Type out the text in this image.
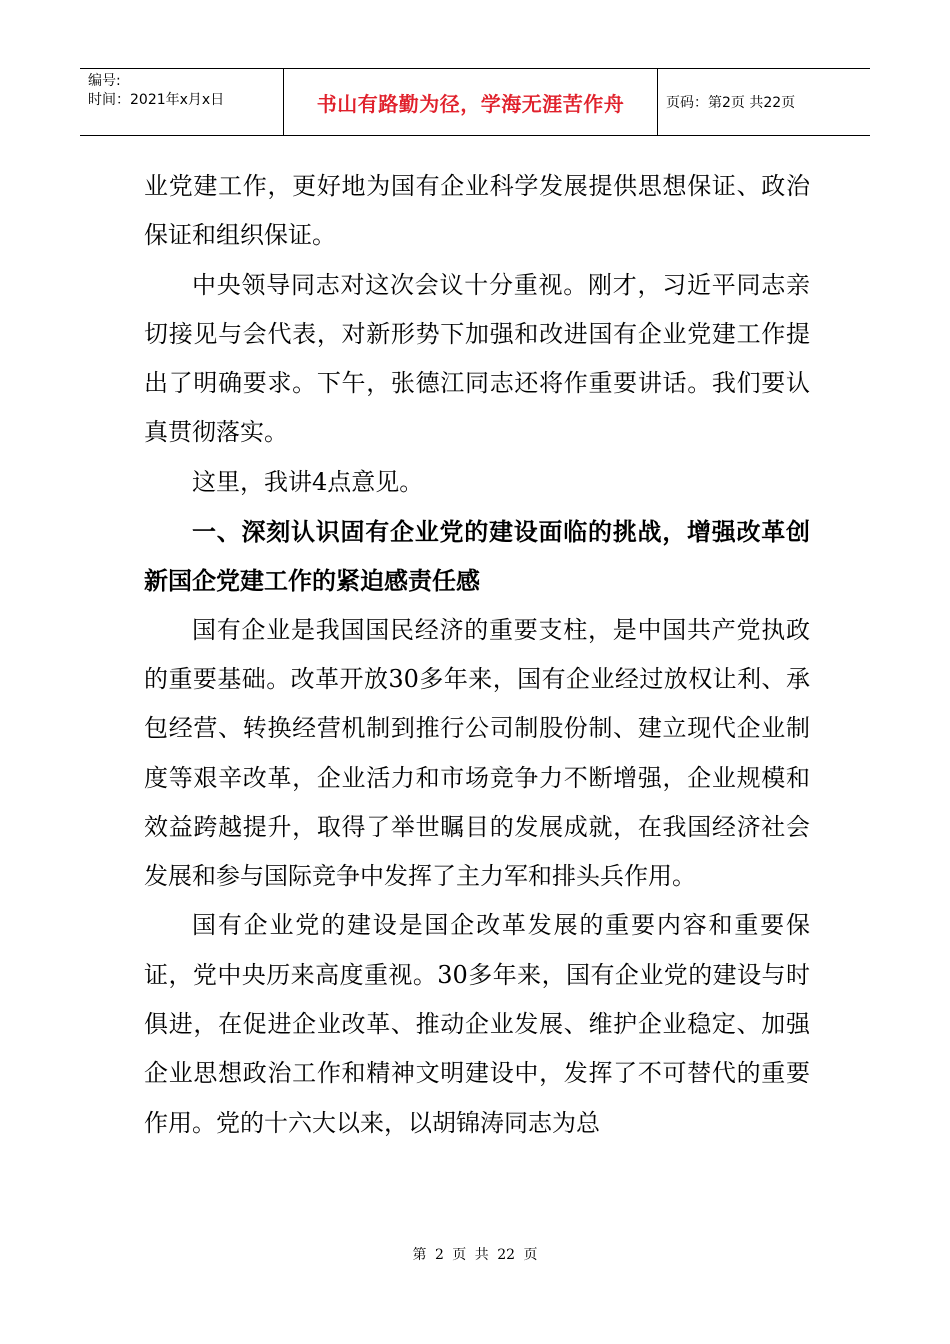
编号:
时间：2021年x月x日	书山有路勤为径，学海无涯苦作舟	页码：第2页 共22页

业党建工作，更好地为国有企业科学发展提供思想保证、政治保证和组织保证。

中央领导同志对这次会议十分重视。刚才，习近平同志亲切接见与会代表，对新形势下加强和改进国有企业党建工作提出了明确要求。下午，张德江同志还将作重要讲话。我们要认真贯彻落实。

这里，我讲4点意见。

一、深刻认识固有企业党的建设面临的挑战，增强改革创新国企党建工作的紧迫感责任感

国有企业是我国国民经济的重要支柱，是中国共产党执政的重要基础。改革开放30多年来，国有企业经过放权让利、承包经营、转换经营机制到推行公司制股份制、建立现代企业制度等艰辛改革，企业活力和市场竞争力不断增强，企业规模和效益跨越提升，取得了举世瞩目的发展成就，在我国经济社会发展和参与国际竞争中发挥了主力军和排头兵作用。

国有企业党的建设是国企改革发展的重要内容和重要保证，党中央历来高度重视。30多年来，国有企业党的建设与时俱进，在促进企业改革、推动企业发展、维护企业稳定、加强企业思想政治工作和精神文明建设中，发挥了不可替代的重要作用。党的十六大以来，以胡锦涛同志为总

第 2 页 共 22 页
